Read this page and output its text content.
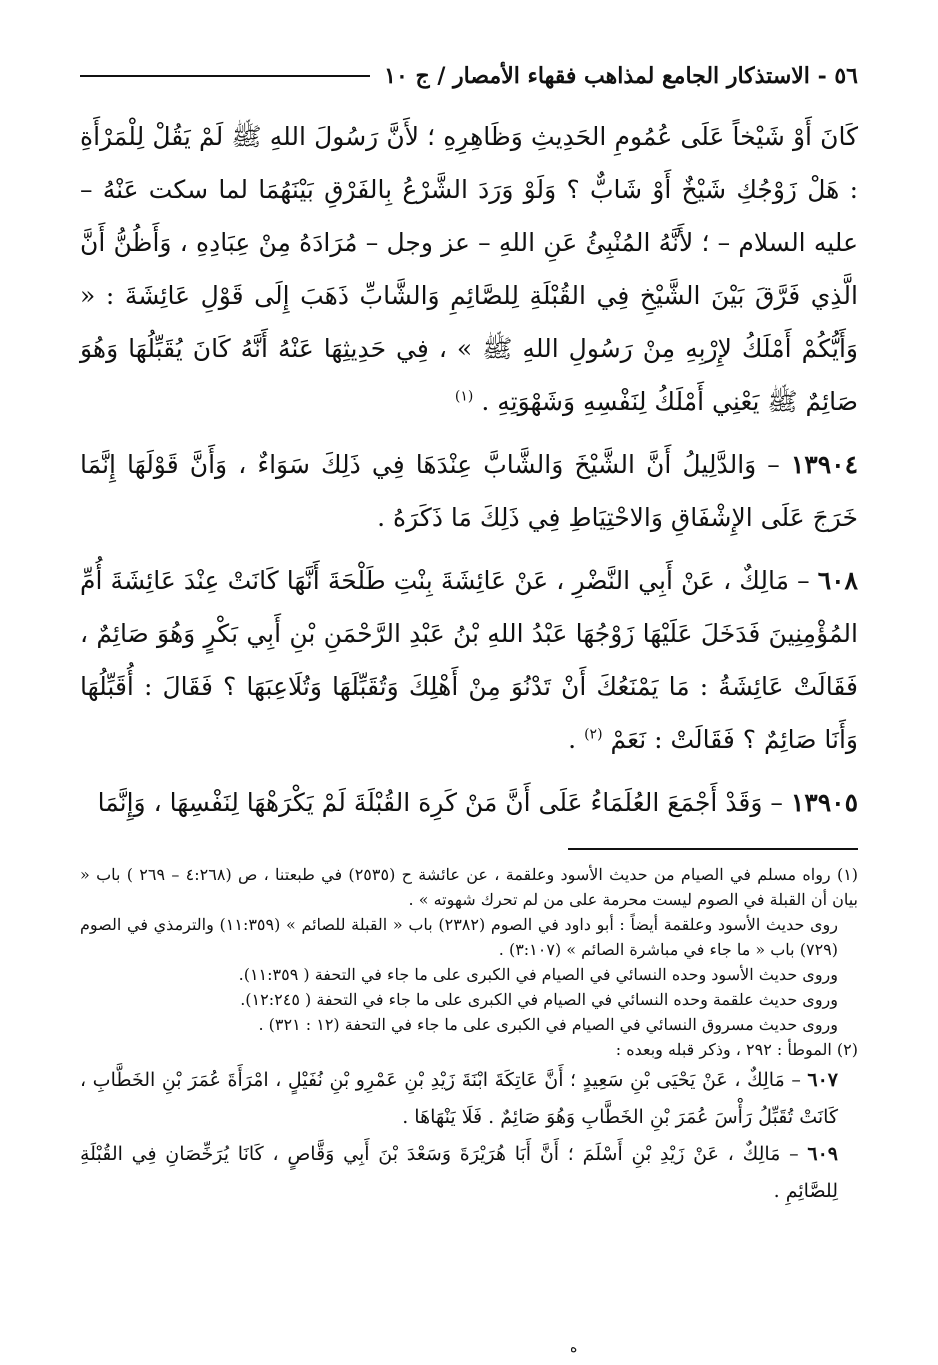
٥٦ - الاستذكار الجامع لمذاهب فقهاء الأمصار / ج ١٠

كَانَ أَوْ شَيْخاً عَلَى عُمُومِ الحَدِيثِ وَظَاهِرِهِ ؛ لأَنَّ رَسُولَ اللهِ ﷺ لَمْ يَقُلْ لِلْمَرْأَةِ : هَلْ زَوْجُكِ شَيْخٌ أَوْ شَابٌّ ؟ وَلَوْ وَرَدَ الشَّرْعُ بِالفَرْقِ بَيْنَهُمَا لما سكت عَنْهُ – عليه السلام – ؛ لأَنَّهُ المُنْبِئُ عَنِ اللهِ – عز وجل – مُرَادَهُ مِنْ عِبَادِهِ ، وَأَظُنُّ أَنَّ الَّذِي فَرَّقَ بَيْنَ الشَّيْخِ فِي القُبْلَةِ لِلصَّائِمِ وَالشَّابِّ ذَهَبَ إِلَى قَوْلِ عَائِشَةَ : « وَأَيُّكُمْ أَمْلَكُ لإِرْبِهِ مِنْ رَسُولِ اللهِ ﷺ » ، فِي حَدِيثِهَا عَنْهُ أَنَّهُ كَانَ يُقَبِّلُهَا وَهُوَ صَائِمٌ ﷺ يَعْنِي أَمْلَكُ لِنَفْسِهِ وَشَهْوَتِهِ . $^{(١)}$

١٣٩٠٤ – وَالدَّلِيلُ أَنَّ الشَّيْخَ وَالشَّابَّ عِنْدَهَا فِي ذَلِكَ سَوَاءٌ ، وَأَنَّ قَوْلَهَا إِنَّمَا خَرَجَ عَلَى الإِشْفَاقِ وَالاحْتِيَاطِ فِي ذَلِكَ مَا ذَكَرَهُ .

٦٠٨ – مَالِكٌ ، عَنْ أَبِي النَّضْرِ ، عَنْ عَائِشَةَ بِنْتِ طَلْحَةَ أَنَّهَا كَانَتْ عِنْدَ عَائِشَةَ أُمِّ المُؤْمِنِينَ فَدَخَلَ عَلَيْهَا زَوْجُهَا عَبْدُ اللهِ بْنُ عَبْدِ الرَّحْمَنِ بْنِ أَبِي بَكْرٍ وَهُوَ صَائِمٌ ، فَقَالَتْ عَائِشَةُ : مَا يَمْنَعُكَ أَنْ تَدْنُوَ مِنْ أَهْلِكَ وَتُقَبِّلَهَا وَتُلَاعِبَهَا ؟ فَقَالَ : أُقَبِّلُهَا وَأَنَا صَائِمٌ ؟ فَقَالَتْ : نَعَمْ $^{(٢)}$ .

١٣٩٠٥ – وَقَدْ أَجْمَعَ العُلَمَاءُ عَلَى أَنَّ مَنْ كَرِهَ القُبْلَةَ لَمْ يَكْرَهْهَا لِنَفْسِهَا ، وَإِنَّمَا

(١) رواه مسلم في الصيام من حديث الأسود وعلقمة ، عن عائشة ح (٢٥٣٥) في طبعتنا ، ص (٤:٢٦٨ – ٢٦٩ ) باب « بيان أن القبلة في الصوم ليست محرمة على من لم تحرك شهوته » .

روى حديث الأسود وعلقمة أيضاً : أبو داود في الصوم (٢٣٨٢) باب « القبلة للصائم » (١١:٣٥٩) والترمذي في الصوم (٧٢٩) باب « ما جاء في مباشرة الصائم » (٣:١٠٧) .

وروى حديث الأسود وحده النسائي في الصيام في الكبرى على ما جاء في التحفة ( ١١:٣٥٩).

وروى حديث علقمة وحده النسائي في الصيام في الكبرى على ما جاء في التحفة ( ١٢:٢٤٥).

وروى حديث مسروق النسائي في الصيام في الكبرى على ما جاء في التحفة (١٢ : ٣٢١) .

(٢) الموطأ : ٢٩٢ ، وذكر قبله وبعده :

٦٠٧ – مَالِكٌ ، عَنْ يَحْيَى بْنِ سَعِيدٍ ؛ أَنَّ عَاتِكَةَ ابْنَةَ زَيْدِ بْنِ عَمْرِو بْنِ نُفَيْلٍ ، امْرَأَةَ عُمَرَ بْنِ الخَطَّابِ ، كَانَتْ تُقَبِّلُ رَأْسَ عُمَرَ بْنِ الخَطَّابِ وَهُوَ صَائِمٌ . فَلَا يَنْهَاهَا .

٦٠٩ – مَالِكٌ ، عَنْ زَيْدِ بْنِ أَسْلَمَ ؛ أَنَّ أَبَا هُرَيْرَةَ وَسَعْدَ بْنَ أَبِي وَقَّاصٍ ، كَانَا يُرَخِّصَانِ فِي القُبْلَةِ لِلصَّائِمِ .

ه
